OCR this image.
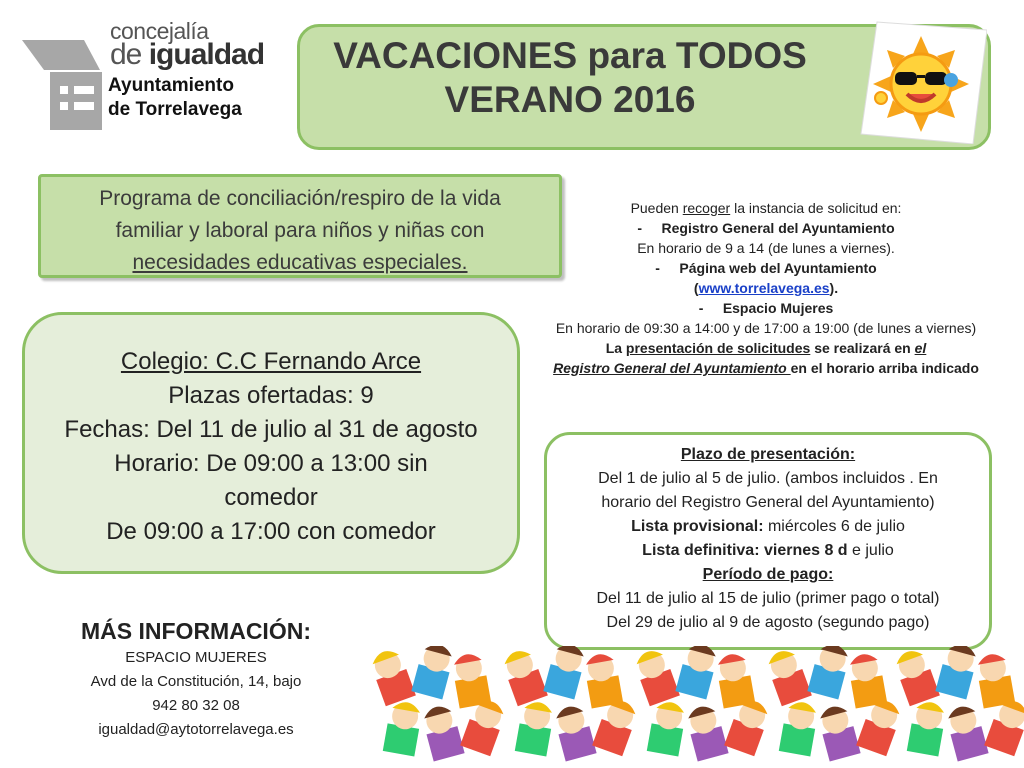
concejalía
de igualdad
Ayuntamiento
de Torrelavega
VACACIONES para TODOS
VERANO 2016
Programa de conciliación/respiro de la vida
familiar y laboral para niños y niñas con
necesidades educativas especiales.
Colegio: C.C Fernando Arce
Plazas ofertadas: 9
Fechas: Del 11 de julio al 31 de agosto
Horario: De 09:00 a 13:00 sin
comedor
De 09:00 a 17:00 con comedor
Pueden recoger la instancia de solicitud en:
-     Registro General del Ayuntamiento
En horario de 9 a 14 (de lunes a viernes).
-     Página web del Ayuntamiento
(www.torrelavega.es).
-     Espacio Mujeres
En horario de 09:30 a 14:00 y de 17:00 a 19:00 (de lunes a viernes)
La presentación de solicitudes se realizará en el
Registro General del Ayuntamiento en el horario arriba indicado
Plazo de presentación:
Del 1 de julio al 5 de julio. (ambos incluidos . En
horario del Registro General del Ayuntamiento)
Lista provisional: miércoles 6 de julio
Lista definitiva: viernes 8 d e julio
Período de pago:
Del 11 de julio al 15 de julio (primer pago o total)
Del 29 de julio al 9 de agosto (segundo pago)
MÁS INFORMACIÓN:
ESPACIO MUJERES
Avd de la Constitución, 14, bajo
942 80 32 08
igualdad@aytotorrelavega.es
